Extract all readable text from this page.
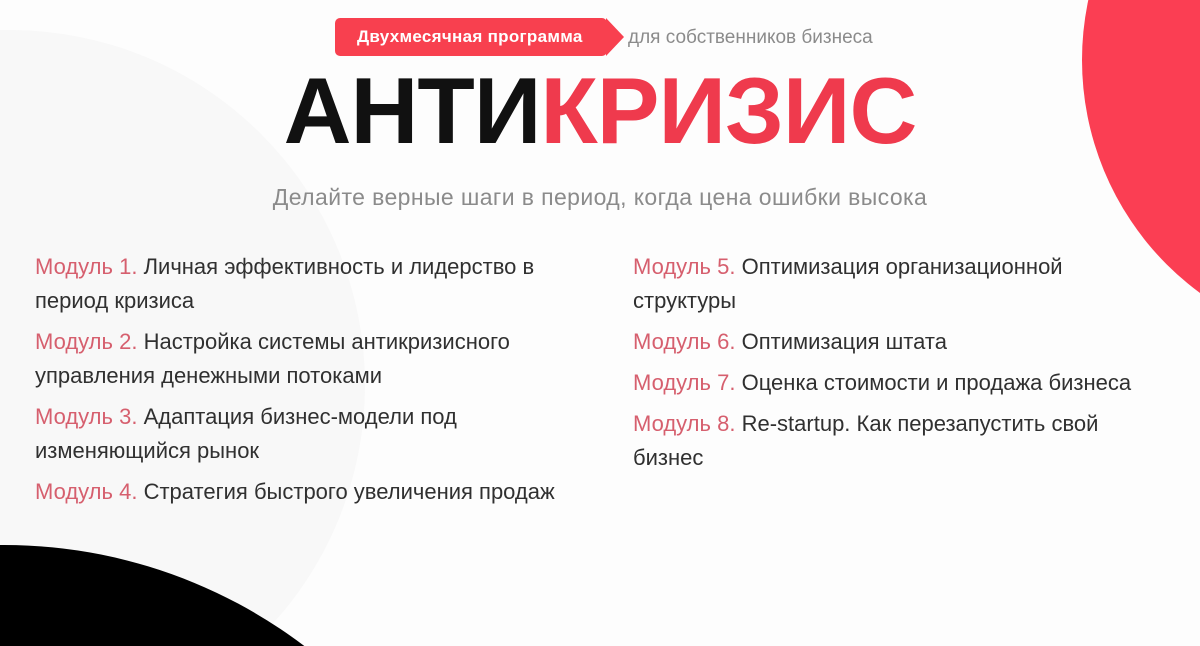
Двухмесячная программа для собственников бизнеса
АНТИКРИЗИС
Делайте верные шаги в период, когда цена ошибки высока

Модуль 1. Личная эффективность и лидерство в период кризиса

Модуль 2. Настройка системы антикризисного управления денежными потоками

Модуль 3. Адаптация бизнес-модели под изменяющийся рынок

Модуль 4. Стратегия быстрого увеличения продаж

Модуль 5. Оптимизация организационной структуры

Модуль 6. Оптимизация штата

Модуль 7. Оценка стоимости и продажа бизнеса

Модуль 8. Re-startup. Как перезапустить свой бизнес
